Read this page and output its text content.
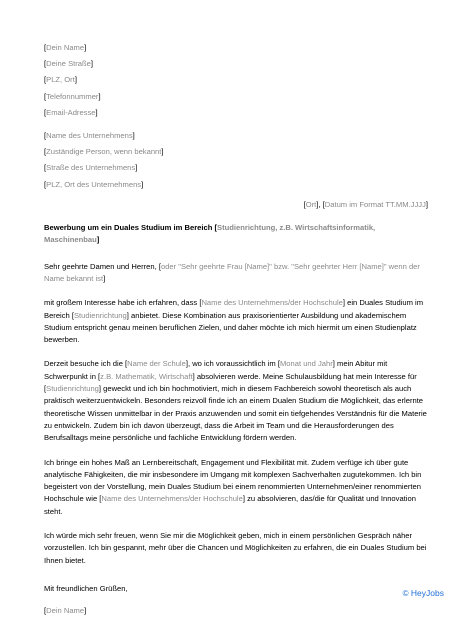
[Dein Name]
[Deine Straße]
[PLZ, Ort]
[Telefonnummer]
[Email-Adresse]
[Name des Unternehmens]
[Zuständige Person, wenn bekannt]
[Straße des Unternehmens]
[PLZ, Ort des Unternehmens]
[Ort], [Datum im Format TT.MM.JJJJ]
Bewerbung um ein Duales Studium im Bereich [Studienrichtung, z.B. Wirtschaftsinformatik, Maschinenbau]

Sehr geehrte Damen und Herren, [oder "Sehr geehrte Frau [Name]" bzw. "Sehr geehrter Herr [Name]" wenn der Name bekannt ist]

mit großem Interesse habe ich erfahren, dass [Name des Unternehmens/der Hochschule] ein Duales Studium im Bereich [Studienrichtung] anbietet. Diese Kombination aus praxisorientierter Ausbildung und akademischem Studium entspricht genau meinen beruflichen Zielen, und daher möchte ich mich hiermit um einen Studienplatz bewerben.

Derzeit besuche ich die [Name der Schule], wo ich voraussichtlich im [Monat und Jahr] mein Abitur mit Schwerpunkt in [z.B. Mathematik, Wirtschaft] absolvieren werde. Meine Schulausbildung hat mein Interesse für [Studienrichtung] geweckt und ich bin hochmotiviert, mich in diesem Fachbereich sowohl theoretisch als auch praktisch weiterzuentwickeln. Besonders reizvoll finde ich an einem Dualen Studium die Möglichkeit, das erlernte theoretische Wissen unmittelbar in der Praxis anzuwenden und somit ein tiefgehendes Verständnis für die Materie zu entwickeln. Zudem bin ich davon überzeugt, dass die Arbeit im Team und die Herausforderungen des Berufsalltags meine persönliche und fachliche Entwicklung fördern werden.

Ich bringe ein hohes Maß an Lernbereitschaft, Engagement und Flexibilität mit. Zudem verfüge ich über gute analytische Fähigkeiten, die mir insbesondere im Umgang mit komplexen Sachverhalten zugutekommen. Ich bin begeistert von der Vorstellung, mein Duales Studium bei einem renommierten Unternehmen/einer renommierten Hochschule wie [Name des Unternehmens/der Hochschule] zu absolvieren, das/die für Qualität und Innovation steht.

Ich würde mich sehr freuen, wenn Sie mir die Möglichkeit geben, mich in einem persönlichen Gespräch näher vorzustellen. Ich bin gespannt, mehr über die Chancen und Möglichkeiten zu erfahren, die ein Duales Studium bei Ihnen bietet.

Mit freundlichen Grüßen,

[Dein Name]

© HeyJobs
